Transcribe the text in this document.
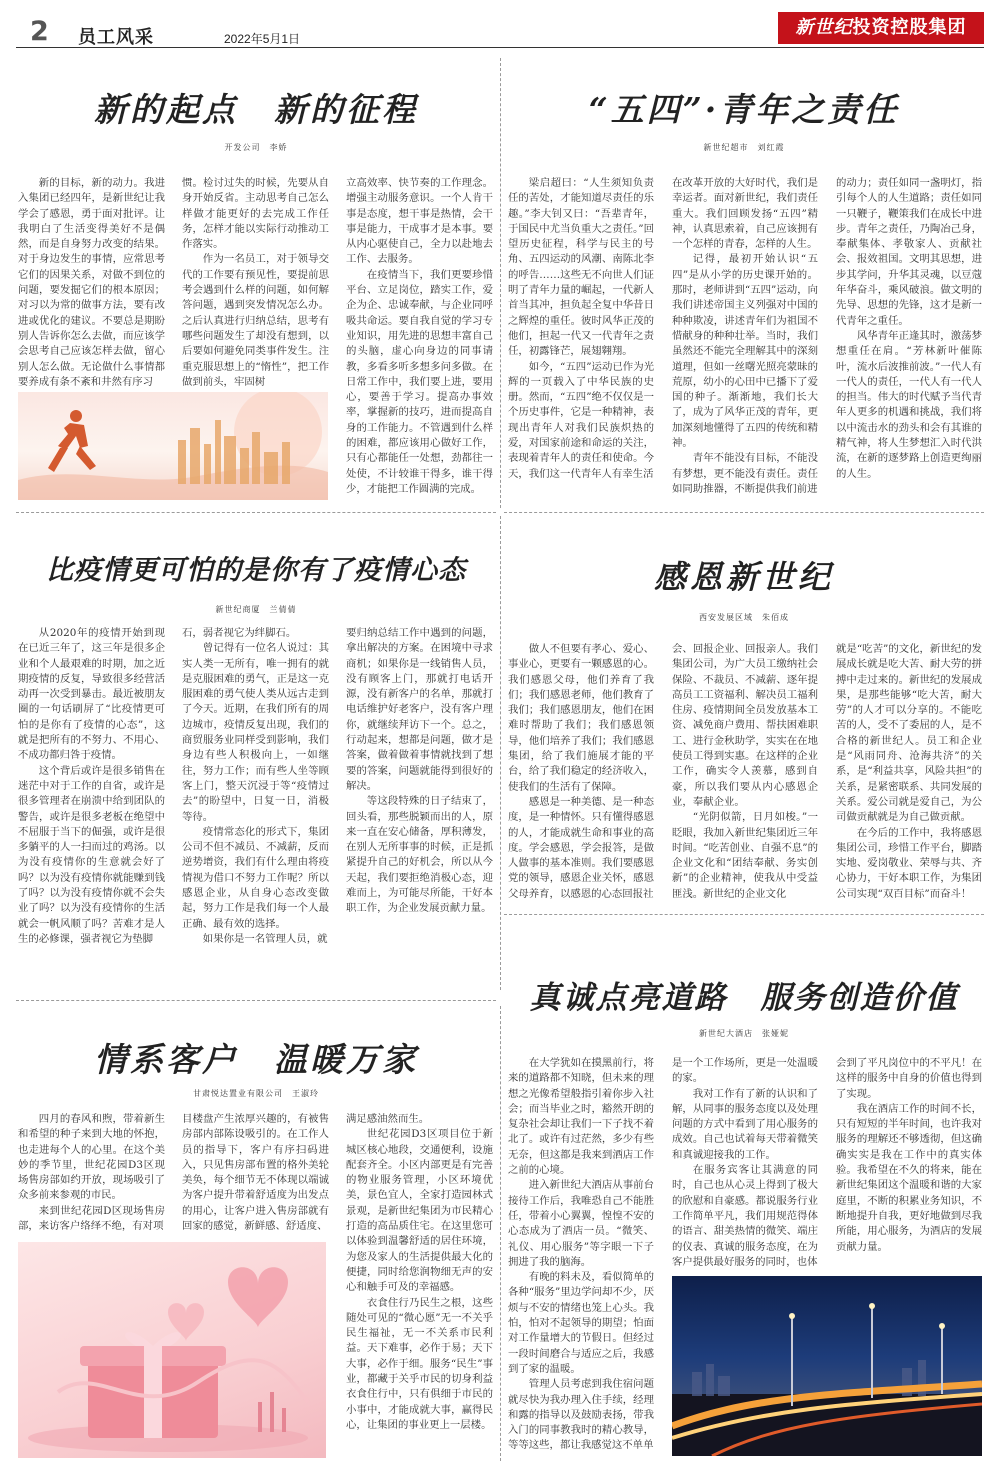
2 员工风采	2022年5月1日
新世纪投资控股集团
新的起点　新的征程
开发公司　李娇

新的目标，新的动力。我进入集团已经四年，是新世纪让我学会了感恩，勇于面对批评。让我明白了生活变得美好不是偶然，而是自身努力改变的结果。对于身边发生的事情，应常思考它们的因果关系，对做不到位的问题，要发掘它们的根本原因；对习以为常的做事方法，要有改进或优化的建议。不要总是期盼别人告诉你怎么去做，而应该学会思考自己应该怎样去做，留心别人怎么做。无论做什么事情都要养成有条不紊和井然有序习

惯。检讨过失的时候，先要从自身开始反省。主动思考自己怎么样做才能更好的去完成工作任务，怎样才能以实际行动推动工作落实。

作为一名员工，对于领导交代的工作要有预见性，要提前思考会遇到什么样的问题，如何解答问题，遇到突发情况怎么办。之后认真进行归纳总结，思考有哪些问题发生了却没有想到，以后要如何避免同类事件发生。注重克服思想上的“惰性”，把工作做到前头，牢固树

立高效率、快节奏的工作理念。增强主动服务意识。一个人肯干事是态度，想干事是热情，会干事是能力，干成事才是本事。要从内心驱使自己，全力以赴地去工作、去服务。

在疫情当下，我们更要珍惜平台、立足岗位，踏实工作，爱企为企、忠诚奉献，与企业同呼吸共命运。要自我自觉的学习专业知识，用先进的思想丰富自己的头脑，虚心向身边的同事请教，多看多听多想多问多做。在日常工作中，我们要上进，要用心，要善于学习。提高办事效率，掌握新的技巧，进而提高自身的工作能力。不管遇到什么样的困难，都应该用心做好工作，只有心都能任一处想，劲都往一处使，不计较谁干得多，谁干得少，才能把工作圆满的完成。

“五四”·青年之责任
新世纪超市　刘红霞

梁启超曰：“人生须知负责任的苦处，才能知道尽责任的乐趣。”李大钊又曰：“吾辈青年，于国民中尤当负重大之责任。”回望历史征程，科学与民主的号角、五四运动的风潮、南陈北李的呼告……这些无不向世人们证明了青年力量的崛起，一代新人首当其冲，担负起全复中华昔日之辉煌的重任。彼时风华正茂的他们，担起一代又一代青年之责任，初露锋芒，展翅翱翔。

如今，“五四”运动已作为光辉的一页载入了中华民族的史册。然而，“五四”绝不仅仅是一个历史事件，它是一种精神，表现出青年人对我们民族炽热的爱，对国家前途和命运的关注，表现着青年人的责任和使命。今天，我们这一代青年人有幸生活

在改革开放的大好时代，我们是幸运者。面对新世纪，我们责任重大。我们回顾发扬“五四”精神，认真思索着，自己应该拥有一个怎样的青春，怎样的人生。

记得，最初开始认识“五四”是从小学的历史课开始的。那时，老师讲到“五四”运动，向我们讲述帝国主义列强对中国的种种欺凌，讲述青年们为祖国不惜献身的种种壮举。当时，我们虽然还不能完全理解其中的深刻道理，但如一丝曙光照亮蒙昧的荒原，幼小的心田中已播下了爱国的种子。渐渐地，我们长大了，成为了风华正茂的青年，更加深刻地懂得了五四的传统和精神。

青年不能没有目标，不能没有梦想，更不能没有责任。责任如同助推器，不断提供我们前进

的动力；责任如同一盏明灯，指引每个人的人生道路；责任如同一只鞭子，鞭策我们在成长中进步。青年之责任，乃陶冶己身，奉献集体、孝敬家人、贡献社会、报效祖国。文明其思想，进步其学问，升华其灵魂，以豆蔻年华奋斗，乘风破浪。做文明的先导、思想的先锋，这才是新一代青年之重任。

风华青年正逢其时，激荡梦想重任在肩。“芳林新叶催陈叶，流水后波推前波。”一代人有一代人的责任，一代人有一代人的担当。伟大的时代赋予当代青年人更多的机遇和挑战，我们将以中流击水的劲头和会有其谁的精气神，将人生梦想汇入时代洪流，在新的逐梦路上创造更绚丽的人生。

比疫情更可怕的是你有了疫情心态
新世纪商厦　兰倩倩

从2020年的疫情开始到现在已近三年了，这三年是很多企业和个人最艰难的时期，加之近期疫情的反复，导致很多经营活动再一次受到暴击。最近被朋友圈的一句话刷屏了“比疫情更可怕的是你有了疫情的心态”，这就是把所有的不努力、不用心、不成功都归咎于疫情。

这个背后或许是很多销售在迷茫中对于工作的自省，或许是很多管理者在崩溃中给到团队的警告，或许是很多老板在绝望中不屈服于当下的倔强，或许是很多躺平的人一扫而过的鸡汤。以为没有疫情你的生意就会好了吗？以为没有疫情你就能赚到钱了吗？以为没有疫情你就不会失业了吗？以为没有疫情你的生活就会一帆风顺了吗？苦难才是人生的必修课，强者视它为垫脚

石，弱者视它为绊脚石。

曾记得有一位名人说过：其实人类一无所有，唯一拥有的就是克服困难的勇气，正是这一克服困难的勇气使人类从远古走到了今天。近期，在我们所有的周边城市，疫情反复出现，我们的商贸服务业同样受到影响，我们身边有些人积极向上，一如继往，努力工作；而有些人坐等顾客上门，整天沉浸于等“疫情过去”的盼望中，日复一日，消极等待。

疫情常态化的形式下，集团公司不但不减员、不减薪，反而逆势增资，我们有什么理由将疫情视为借口不努力工作呢？所以感恩企业，从自身心态改变做起，努力工作是我们每一个人最正确、最有效的选择。

如果你是一名管理人员，就

要归纳总结工作中遇到的问题，拿出解决的方案。在困境中寻求商机；如果你是一线销售人员，没有顾客上门，那就打电话开源，没有新客户的名单，那就打电话维护好老客户，没有客户理你，就继续拜访下一个。总之，行动起来，想都是问题，做才是答案，做着做着事情就找到了想要的答案，问题就能得到很好的解决。

等这段特殊的日子结束了，回头看，那些脱颖而出的人，原来一直在安心储备，厚积薄发，在别人无所事事的时候，正是抓紧提升自己的好机会，所以从今天起，我们要拒绝消极心态，迎难而上，为可能尽所能，干好本职工作，为企业发展贡献力量。

感恩新世纪
西安发展区域　朱佰成

做人不但要有孝心、爱心、事业心，更要有一颗感恩的心。我们感恩父母，他们养育了我们；我们感恩老师，他们教育了我们；我们感恩朋友，他们在困难时帮助了我们；我们感恩领导，他们培养了我们；我们感恩集团，给了我们施展才能的平台，给了我们稳定的经济收入，使我们的生活有了保障。

感恩是一种美德、是一种态度，是一种情怀。只有懂得感恩的人，才能成就生命和事业的高度。学会感恩，学会报答，是做人做事的基本准则。我们要感恩党的领导，感恩企业关怀，感恩父母养育，以感恩的心态回报社

会、回报企业、回报亲人。我们集团公司，为广大员工缴纳社会保险、不裁员、不减薪、逐年提高员工工资福利、解决员工福利住房、疫情期间全员发放基本工资、减免商户费用、帮扶困难职工、进行金秋助学，实实在在地使员工得到实惠。在这样的企业工作，确实令人羡慕，感到自豪，所以我们要从内心感恩企业，奉献企业。

“光阴似箭，日月如梭。”一眨眼，我加入新世纪集团近三年时间。“吃苦创业、自强不息”的企业文化和“团结奉献、务实创新”的企业精神，使我从中受益匪浅。新世纪的企业文化

就是“吃苦”的文化，新世纪的发展成长就是吃大苦、耐大劳的拼搏中走过来的。新世纪的发展成果，是那些能够“吃大苦，耐大劳”的人才可以分享的。不能吃苦的人，受不了委屈的人，是不合格的新世纪人。员工和企业是“风雨同舟、沧海共济”的关系，是“利益共享，风险共担”的关系，是紧密联系、共同发展的关系。爱公司就是爱自己，为公司做贡献就是为自己做贡献。

在今后的工作中，我将感恩集团公司，珍惜工作平台，脚踏实地、爱岗敬业、荣辱与共、齐心协力，干好本职工作，为集团公司实现“双百目标”而奋斗！

情系客户　温暖万家
甘肃悦达置业有限公司　王淑玲

四月的春风和煦，带着新生和希望的种子来到大地的怀抱，也走进每个人的心里。在这个美妙的季节里，世纪花园D3区现场售房部如约开放，现场吸引了众多前来参观的市民。

来到世纪花园D区现场售房部，来访客户络绎不绝，有对项

目楼盘产生浓厚兴趣的，有被售房部内部陈设吸引的。在工作人员的指导下，客户有序扫码进入，只见售房部布置的格外美轮美奂，每个细节无不体现以端诚为客户提升带着舒适度为出发点的用心，让客户进入售房部就有回家的感觉，新鲜感、舒适度、

满足感油然而生。

世纪花园D3区项目位于新城区核心地段，交通便利，设施配套齐全。小区内部更是有完善的物业服务管理，小区环境优美，景色宜人，全家打造园林式景观，是新世纪集团为市民精心打造的高品质住宅。在这里您可以体验到温馨舒适的居住环境，为您及家人的生活提供最大化的便捷，同时给您润物细无声的安心和触手可及的幸福感。

衣食住行乃民生之根，这些随处可见的“微心愿”无一不关乎民生福祉，无一不关系市民利益。天下难事，必作于易；天下大事，必作于细。服务“民生”事业，都藏于关乎市民的切身利益衣食住行中，只有俱细于市民的小事中，才能成就大事，赢得民心，让集团的事业更上一层楼。

真诚点亮道路　服务创造价值
新世纪大酒店　张娅妮

在大学犹如在摸黑前行，将来的道路都不知晓，但未来的理想之光像希望般指引着你步入社会；而当毕业之时，豁然开朗的复杂社会却让我们一下子找不着北了。或许有过茫然，多少有些无奈，但这都是我来到酒店工作之前的心境。

进入新世纪大酒店从事前台接待工作后，我唯恐自己不能胜任，带着小心翼翼，惶惶不安的心态成为了酒店一员。“微笑、礼仪、用心服务”等字眼一下子拥进了我的脑海。

有晚的料未及，看似简单的各种“服务”里边学问却不少，厌烦与不安的情绪也笼上心头。我怕，怕对不起领导的期望；怕面对工作量增大的节假日。但经过一段时间磨合与适应之后，我感到了家的温暖。

管理人员考虑到我住宿问题就尽快为我办理入住手续，经理和露的指导以及鼓励表扬，带我入门的同事教我时的精心教导，等等这些，都让我感觉这不单单

是一个工作场所，更是一处温暖的家。

我对工作有了新的认识和了解，从同事的服务态度以及处理问题的方式中看到了用心服务的成效。自己也试着每天带着微笑和真诚迎接我的工作。

在服务宾客让其满意的同时，自己也从心灵上得到了极大的欣慰和自豪感。都说服务行业工作简单平凡，我们用规范得体的语言、甜美热情的微笑、端庄的仪表、真诚的服务态度，在为客户提供最好服务的同时，也体

会到了平凡岗位中的不平凡！在这样的服务中自身的价值也得到了实现。

我在酒店工作的时间不长，只有短短的半年时间，也许我对服务的理解还不够透彻，但这确确实实是我在工作中的真实体验。我希望在不久的将来，能在新世纪集团这个温暖和谐的大家庭里，不断的积累业务知识，不断地提升自我，更好地做到尽我所能，用心服务，为酒店的发展贡献力量。
